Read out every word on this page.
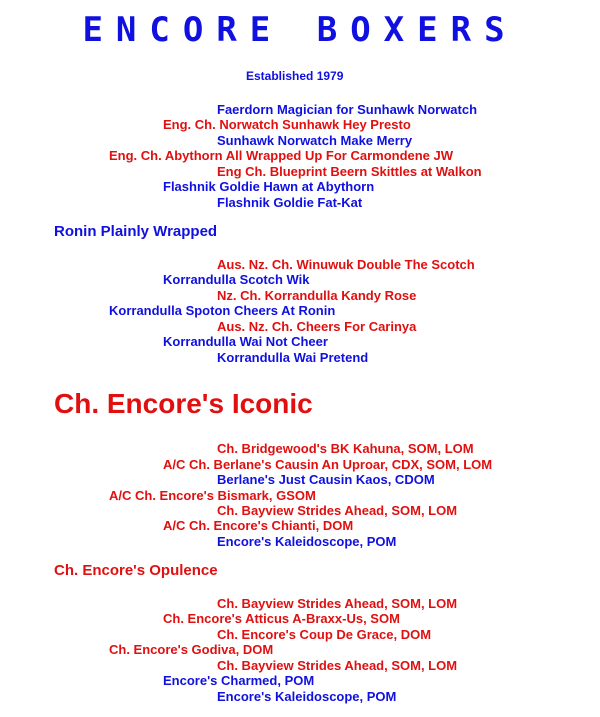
ENCORE BOXERS
Established 1979
Faerdorn Magician for Sunhawk Norwatch
Eng. Ch. Norwatch Sunhawk Hey Presto
Sunhawk Norwatch Make Merry
Eng. Ch. Abythorn All Wrapped Up For Carmondene JW
Eng Ch. Blueprint Beern Skittles at Walkon
Flashnik Goldie Hawn at Abythorn
Flashnik Goldie Fat-Kat
Ronin Plainly Wrapped
Aus. Nz. Ch. Winuwuk Double The Scotch
Korrandulla Scotch Wik
Nz. Ch. Korrandulla Kandy Rose
Korrandulla Spoton Cheers At Ronin
Aus. Nz. Ch. Cheers For Carinya
Korrandulla Wai Not Cheer
Korrandulla Wai Pretend
Ch. Encore's Iconic
Ch. Bridgewood's BK Kahuna, SOM, LOM
A/C Ch. Berlane's Causin An Uproar, CDX, SOM, LOM
Berlane's Just Causin Kaos, CDOM
A/C Ch. Encore's Bismark, GSOM
Ch. Bayview Strides Ahead, SOM, LOM
A/C Ch. Encore's Chianti, DOM
Encore's Kaleidoscope, POM
Ch. Encore's Opulence
Ch. Bayview Strides Ahead, SOM, LOM
Ch. Encore's Atticus A-Braxx-Us, SOM
Ch. Encore's Coup De Grace, DOM
Ch. Encore's Godiva, DOM
Ch. Bayview Strides Ahead, SOM, LOM
Encore's Charmed, POM
Encore's Kaleidoscope, POM
